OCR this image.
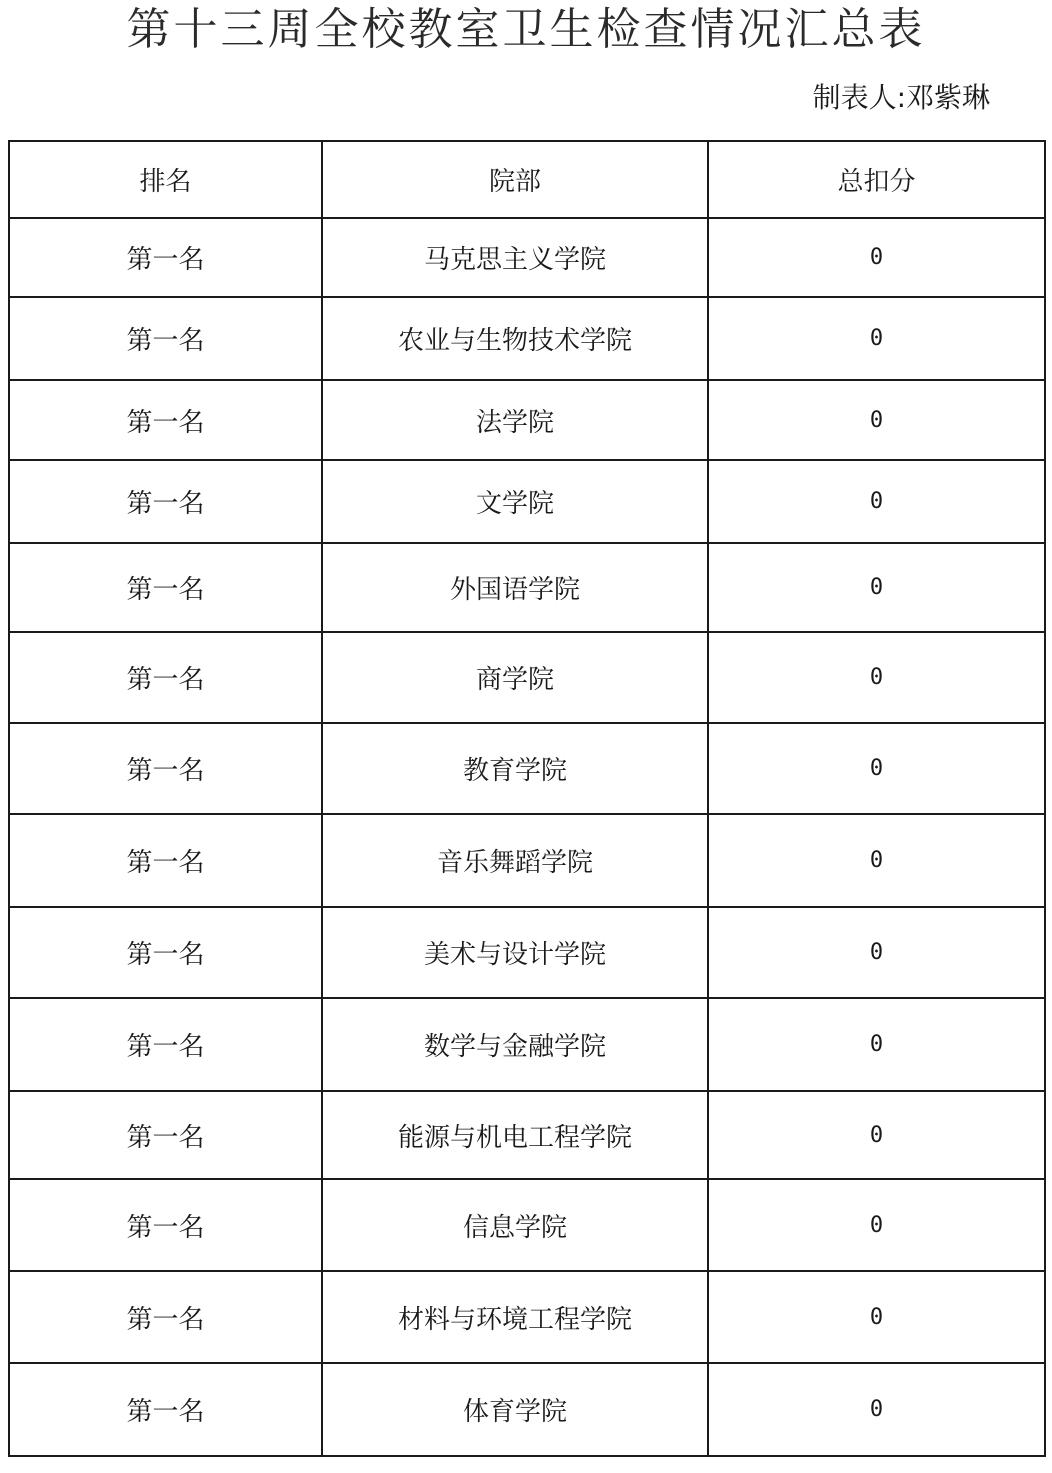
第十三周全校教室卫生检查情况汇总表
制表人:邓紫琳
排名	院部	总扣分
第一名	马克思主义学院	0
第一名	农业与生物技术学院	0
第一名	法学院	0
第一名	文学院	0
第一名	外国语学院	0
第一名	商学院	0
第一名	教育学院	0
第一名	音乐舞蹈学院	0
第一名	美术与设计学院	0
第一名	数学与金融学院	0
第一名	能源与机电工程学院	0
第一名	信息学院	0
第一名	材料与环境工程学院	0
第一名	体育学院	0
